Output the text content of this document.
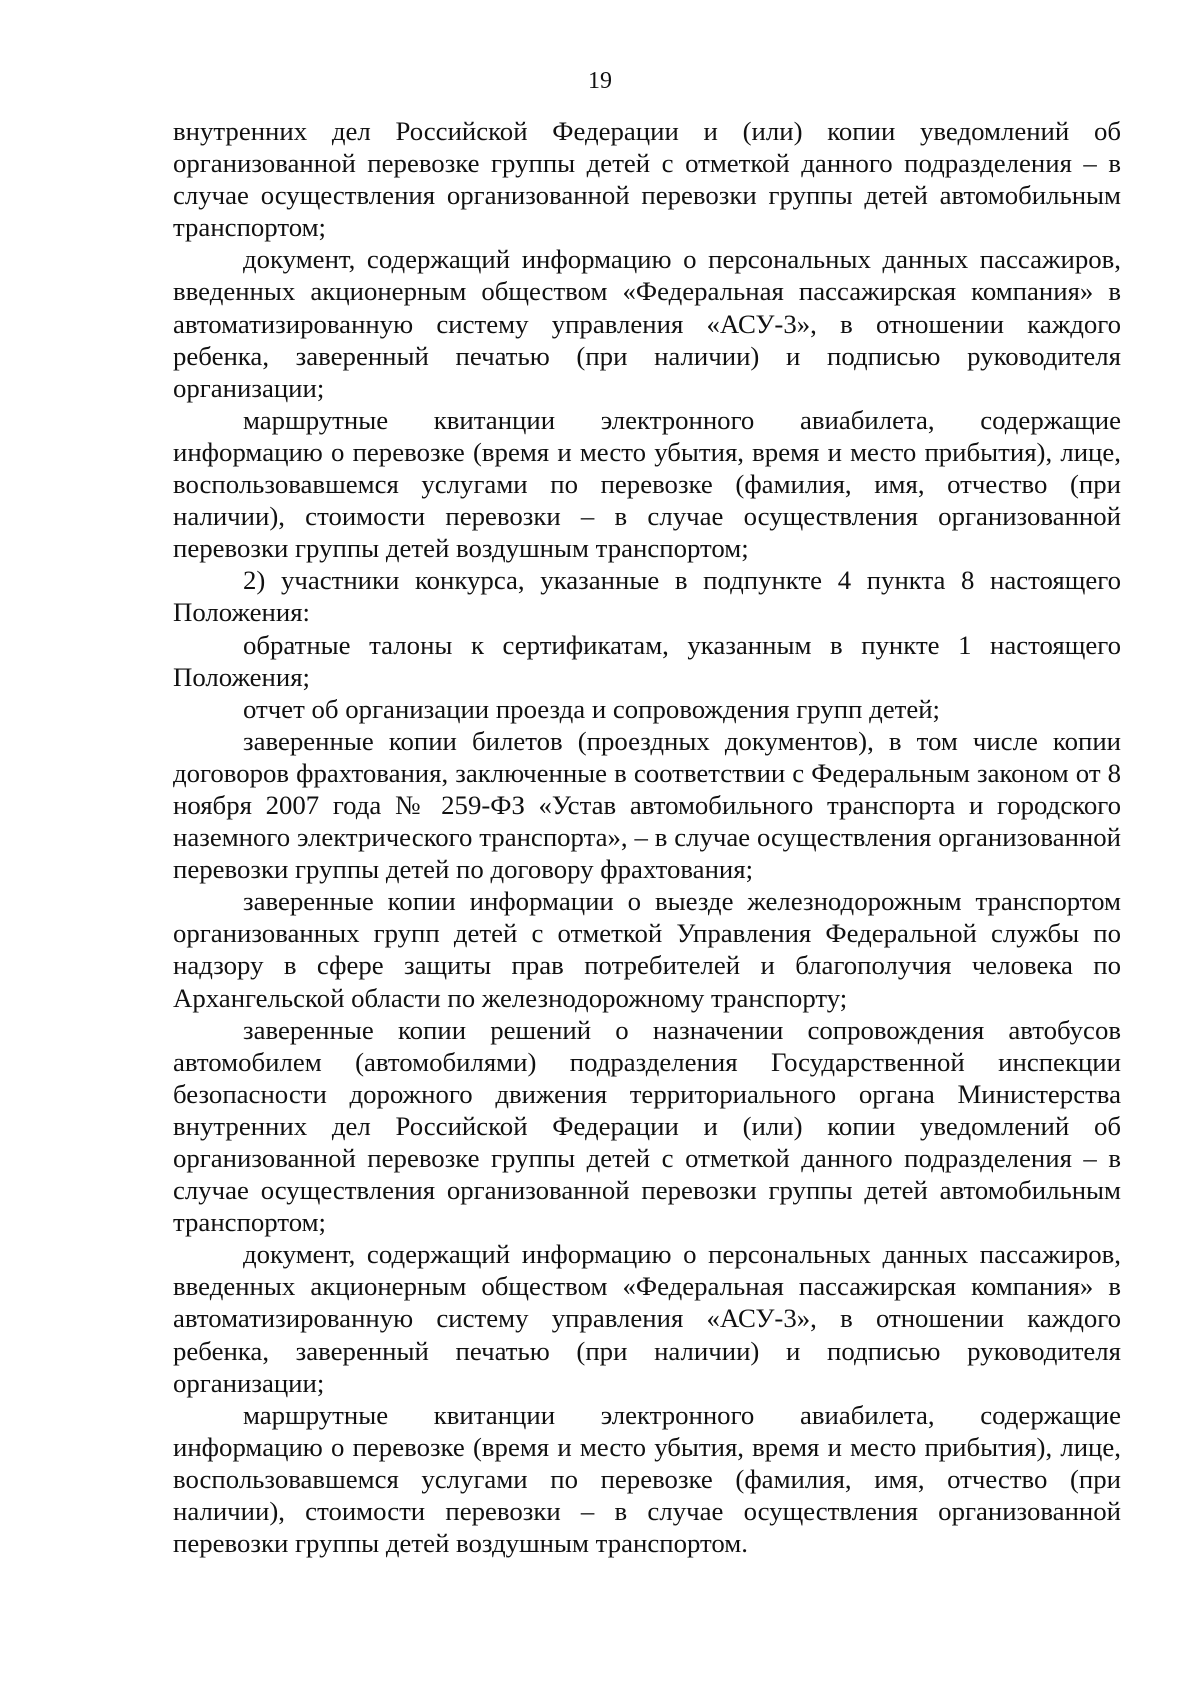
19

внутренних дел Российской Федерации и (или) копии уведомлений об организованной перевозке группы детей с отметкой данного подразделения – в случае осуществления организованной перевозки группы детей автомобильным транспортом;

документ, содержащий информацию о персональных данных пассажиров, введенных акционерным обществом «Федеральная пассажирская компания» в автоматизированную систему управления «АСУ-3», в отношении каждого ребенка, заверенный печатью (при наличии) и подписью руководителя организации;

маршрутные квитанции электронного авиабилета, содержащие информацию о перевозке (время и место убытия, время и место прибытия), лице, воспользовавшемся услугами по перевозке (фамилия, имя, отчество (при наличии), стоимости перевозки – в случае осуществления организованной перевозки группы детей воздушным транспортом;

2) участники конкурса, указанные в подпункте 4 пункта 8 настоящего Положения:

обратные талоны к сертификатам, указанным в пункте 1 настоящего Положения;

отчет об организации проезда и сопровождения групп детей;

заверенные копии билетов (проездных документов), в том числе копии договоров фрахтования, заключенные в соответствии с Федеральным законом от 8 ноября 2007 года № 259-ФЗ «Устав автомобильного транспорта и городского наземного электрического транспорта», – в случае осуществления организованной перевозки группы детей по договору фрахтования;

заверенные копии информации о выезде железнодорожным транспортом организованных групп детей с отметкой Управления Федеральной службы по надзору в сфере защиты прав потребителей и благополучия человека по Архангельской области по железнодорожному транспорту;

заверенные копии решений о назначении сопровождения автобусов автомобилем (автомобилями) подразделения Государственной инспекции безопасности дорожного движения территориального органа Министерства внутренних дел Российской Федерации и (или) копии уведомлений об организованной перевозке группы детей с отметкой данного подразделения – в случае осуществления организованной перевозки группы детей автомобильным транспортом;

документ, содержащий информацию о персональных данных пассажиров, введенных акционерным обществом «Федеральная пассажирская компания» в автоматизированную систему управления «АСУ-3», в отношении каждого ребенка, заверенный печатью (при наличии) и подписью руководителя организации;

маршрутные квитанции электронного авиабилета, содержащие информацию о перевозке (время и место убытия, время и место прибытия), лице, воспользовавшемся услугами по перевозке (фамилия, имя, отчество (при наличии), стоимости перевозки – в случае осуществления организованной перевозки группы детей воздушным транспортом.
